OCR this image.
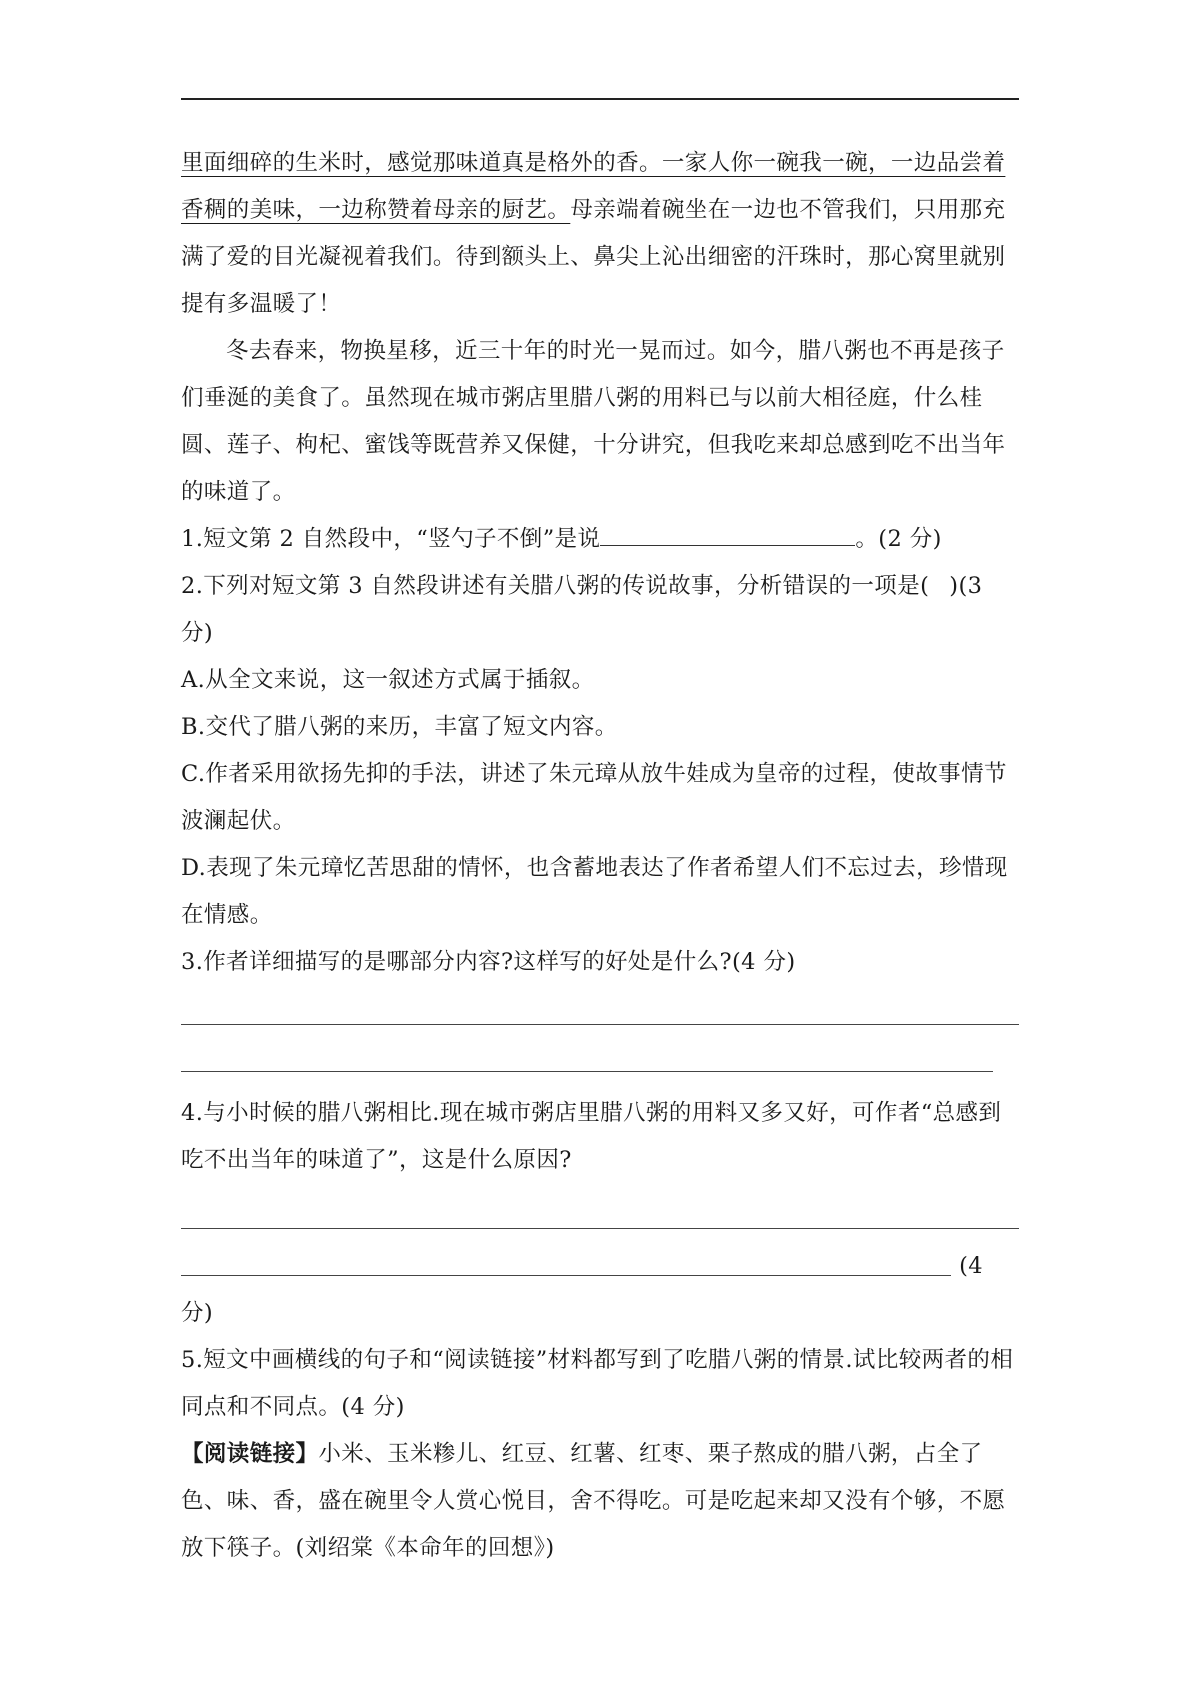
里面细碎的生米时，感觉那味道真是格外的香。一家人你一碗我一碗，一边品尝着香稠的美味，一边称赞着母亲的厨艺。母亲端着碗坐在一边也不管我们，只用那充满了爱的目光凝视着我们。待到额头上、鼻尖上沁出细密的汗珠时，那心窝里就别提有多温暖了！

冬去春来，物换星移，近三十年的时光一晃而过。如今，腊八粥也不再是孩子们垂涎的美食了。虽然现在城市粥店里腊八粥的用料已与以前大相径庭，什么桂圆、莲子、枸杞、蜜饯等既营养又保健，十分讲究，但我吃来却总感到吃不出当年的味道了。

1.短文第 2 自然段中，“竖勺子不倒”是说	。(2 分)

2.下列对短文第 3 自然段讲述有关腊八粥的传说故事，分析错误的一项是( )(3 分)

A.从全文来说，这一叙述方式属于插叙。

B.交代了腊八粥的来历，丰富了短文内容。

C.作者采用欲扬先抑的手法，讲述了朱元璋从放牛娃成为皇帝的过程，使故事情节波澜起伏。

D.表现了朱元璋忆苦思甜的情怀，也含蓄地表达了作者希望人们不忘过去，珍惜现在情感。

3.作者详细描写的是哪部分内容?这样写的好处是什么?(4 分)

4.与小时候的腊八粥相比.现在城市粥店里腊八粥的用料又多又好，可作者“总感到吃不出当年的味道了”，这是什么原因?

(4

分)

5.短文中画横线的句子和“阅读链接”材料都写到了吃腊八粥的情景.试比较两者的相同点和不同点。(4 分)

【阅读链接】小米、玉米糁儿、红豆、红薯、红枣、栗子熬成的腊八粥，占全了色、味、香，盛在碗里令人赏心悦目，舍不得吃。可是吃起来却又没有个够，不愿放下筷子。(刘绍棠《本命年的回想》)
